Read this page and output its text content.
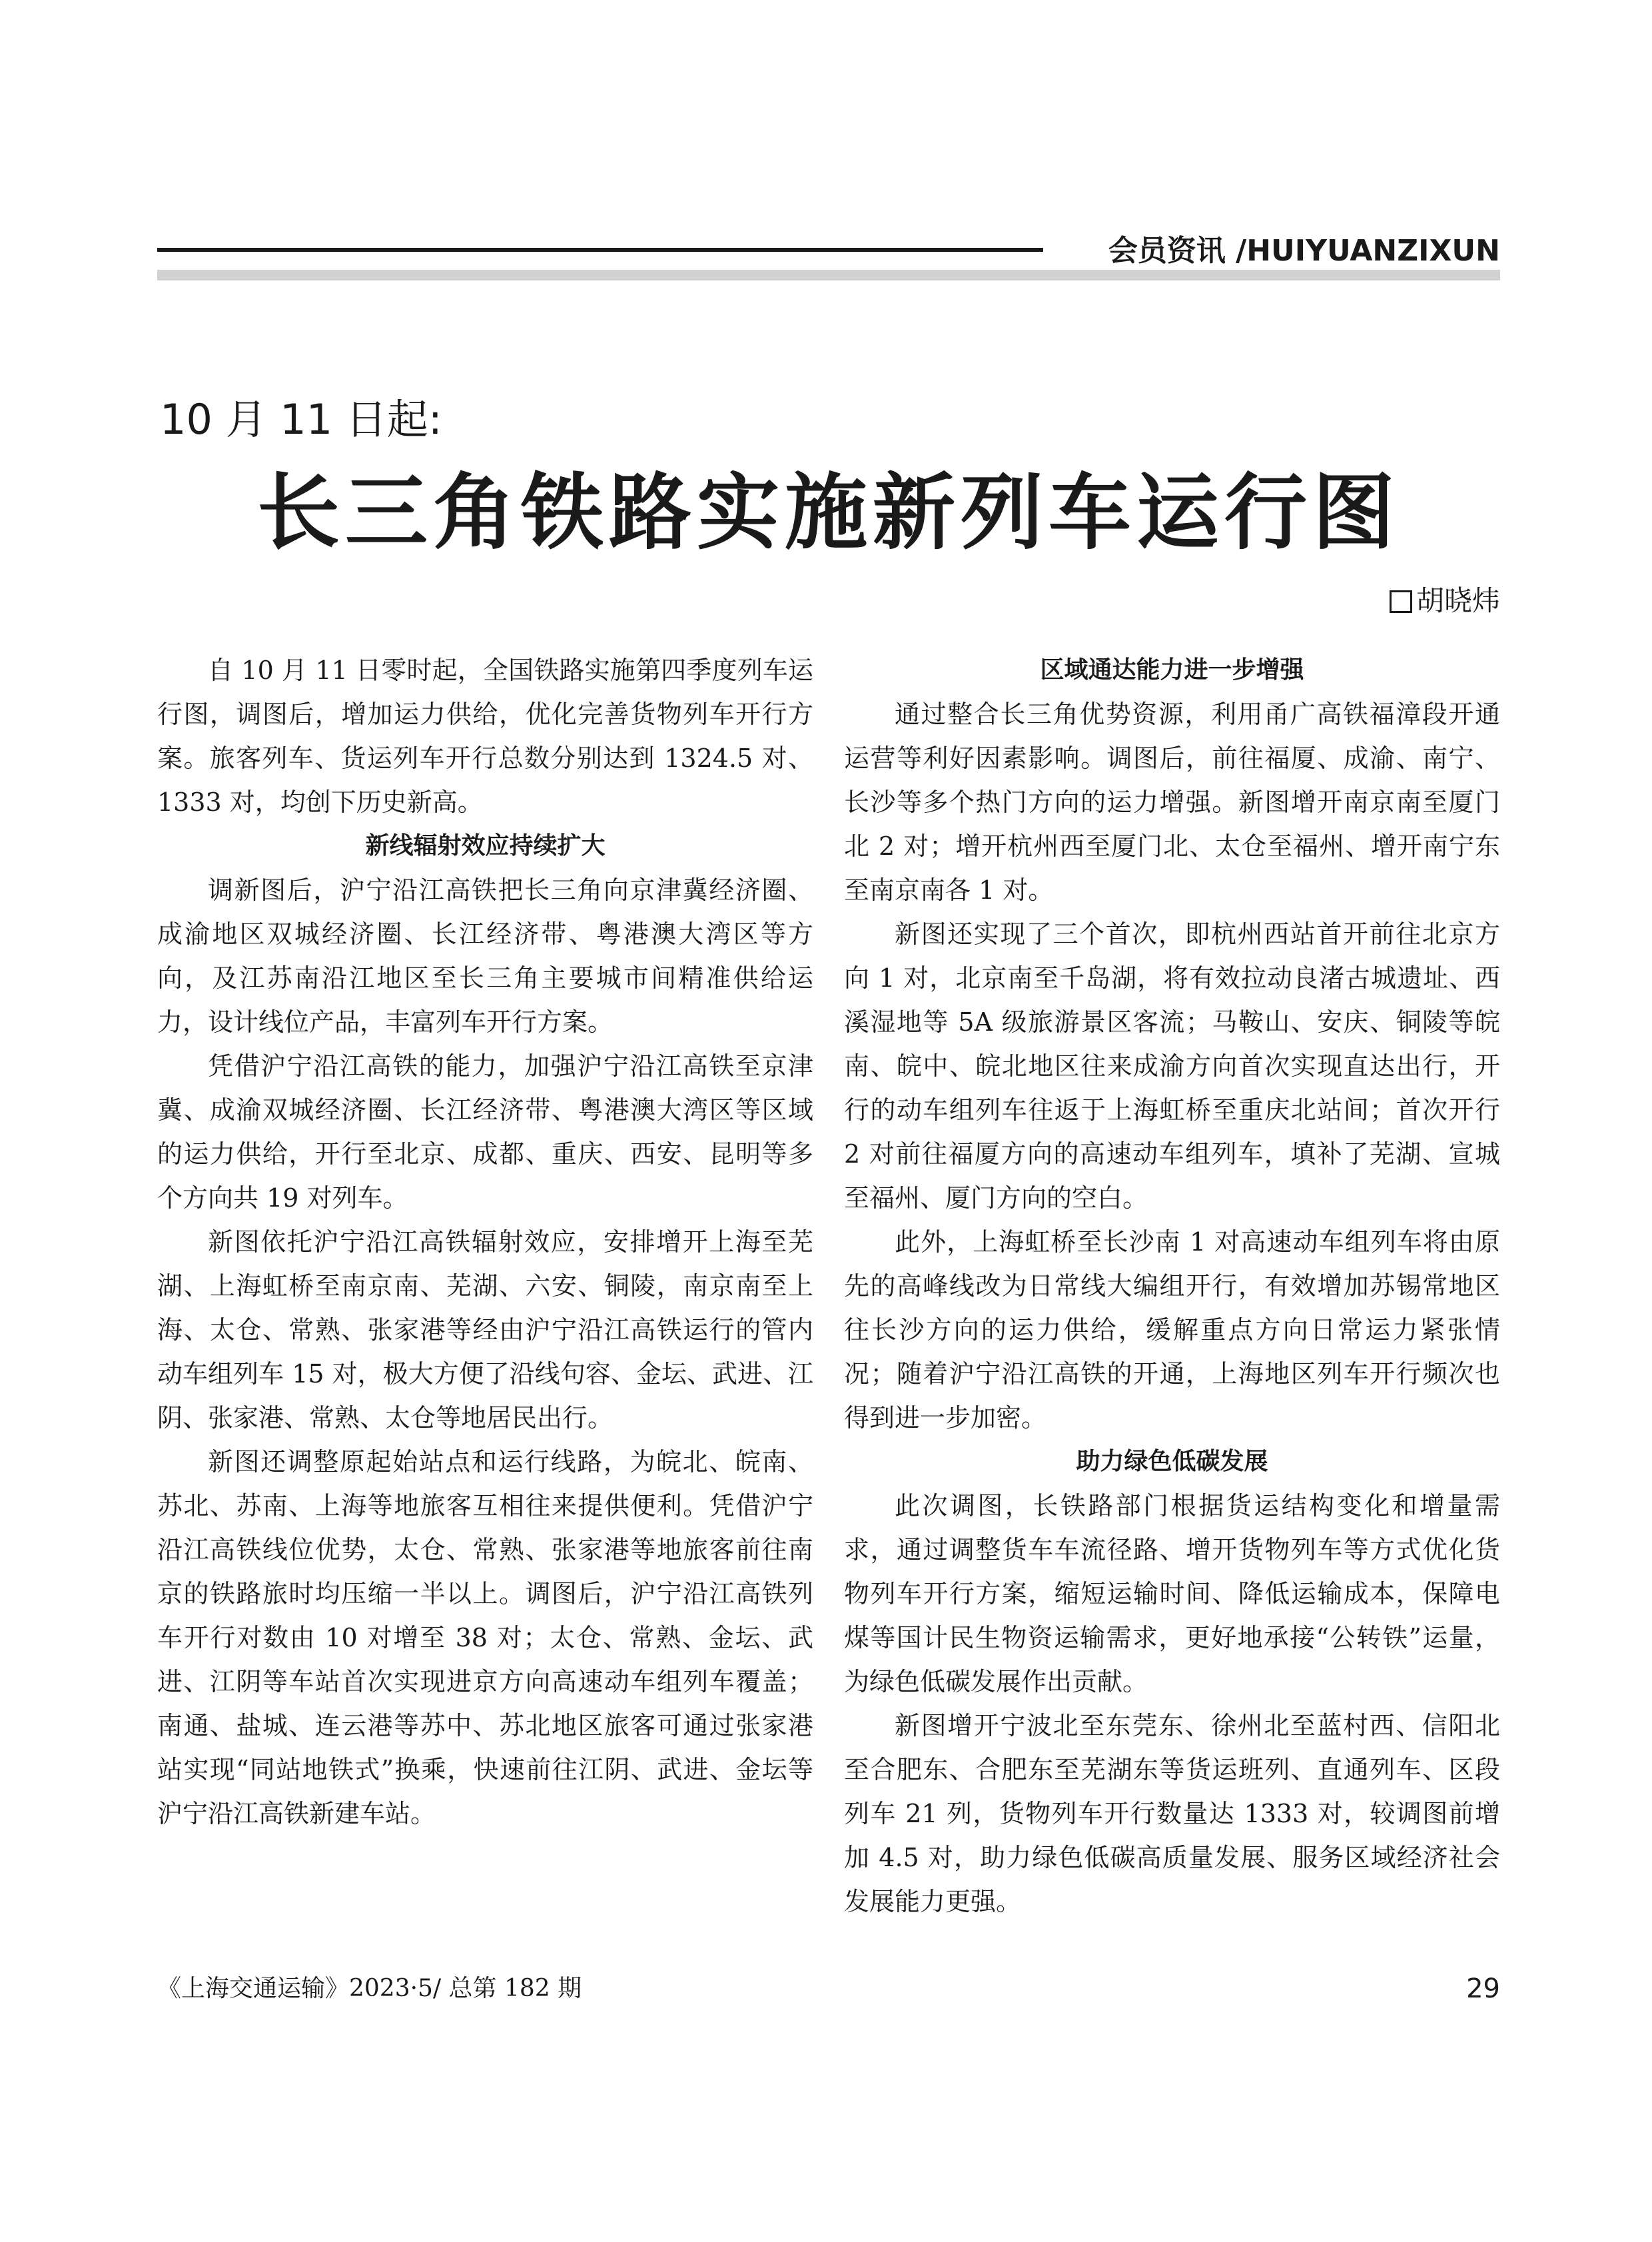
会员资讯 /HUIYUANZIXUN
10 月 11 日起:
长三角铁路实施新列车运行图
胡晓炜

自 10 月 11 日零时起，全国铁路实施第四季度列车运行图，调图后，增加运力供给，优化完善货物列车开行方案。旅客列车、货运列车开行总数分别达到 1324.5 对、1333 对，均创下历史新高。

新线辐射效应持续扩大

调新图后，沪宁沿江高铁把长三角向京津冀经济圈、成渝地区双城经济圈、长江经济带、粤港澳大湾区等方向，及江苏南沿江地区至长三角主要城市间精准供给运力，设计线位产品，丰富列车开行方案。

凭借沪宁沿江高铁的能力，加强沪宁沿江高铁至京津冀、成渝双城经济圈、长江经济带、粤港澳大湾区等区域的运力供给，开行至北京、成都、重庆、西安、昆明等多个方向共 19 对列车。

新图依托沪宁沿江高铁辐射效应，安排增开上海至芜湖、上海虹桥至南京南、芜湖、六安、铜陵，南京南至上海、太仓、常熟、张家港等经由沪宁沿江高铁运行的管内动车组列车 15 对，极大方便了沿线句容、金坛、武进、江阴、张家港、常熟、太仓等地居民出行。

新图还调整原起始站点和运行线路，为皖北、皖南、苏北、苏南、上海等地旅客互相往来提供便利。凭借沪宁沿江高铁线位优势，太仓、常熟、张家港等地旅客前往南京的铁路旅时均压缩一半以上。调图后，沪宁沿江高铁列车开行对数由 10 对增至 38 对；太仓、常熟、金坛、武进、江阴等车站首次实现进京方向高速动车组列车覆盖；南通、盐城、连云港等苏中、苏北地区旅客可通过张家港站实现“同站地铁式”换乘，快速前往江阴、武进、金坛等沪宁沿江高铁新建车站。

区域通达能力进一步增强

通过整合长三角优势资源，利用甬广高铁福漳段开通运营等利好因素影响。调图后，前往福厦、成渝、南宁、长沙等多个热门方向的运力增强。新图增开南京南至厦门北 2 对；增开杭州西至厦门北、太仓至福州、增开南宁东至南京南各 1 对。

新图还实现了三个首次，即杭州西站首开前往北京方向 1 对，北京南至千岛湖，将有效拉动良渚古城遗址、西溪湿地等 5A 级旅游景区客流；马鞍山、安庆、铜陵等皖南、皖中、皖北地区往来成渝方向首次实现直达出行，开行的动车组列车往返于上海虹桥至重庆北站间；首次开行 2 对前往福厦方向的高速动车组列车，填补了芜湖、宣城至福州、厦门方向的空白。

此外，上海虹桥至长沙南 1 对高速动车组列车将由原先的高峰线改为日常线大编组开行，有效增加苏锡常地区往长沙方向的运力供给，缓解重点方向日常运力紧张情况；随着沪宁沿江高铁的开通，上海地区列车开行频次也得到进一步加密。

助力绿色低碳发展

此次调图，长铁路部门根据货运结构变化和增量需求，通过调整货车车流径路、增开货物列车等方式优化货物列车开行方案，缩短运输时间、降低运输成本，保障电煤等国计民生物资运输需求，更好地承接“公转铁”运量，为绿色低碳发展作出贡献。

新图增开宁波北至东莞东、徐州北至蓝村西、信阳北至合肥东、合肥东至芜湖东等货运班列、直通列车、区段列车 21 列，货物列车开行数量达 1333 对，较调图前增加 4.5 对，助力绿色低碳高质量发展、服务区域经济社会发展能力更强。

《上海交通运输》2023·5/ 总第 182 期	29
